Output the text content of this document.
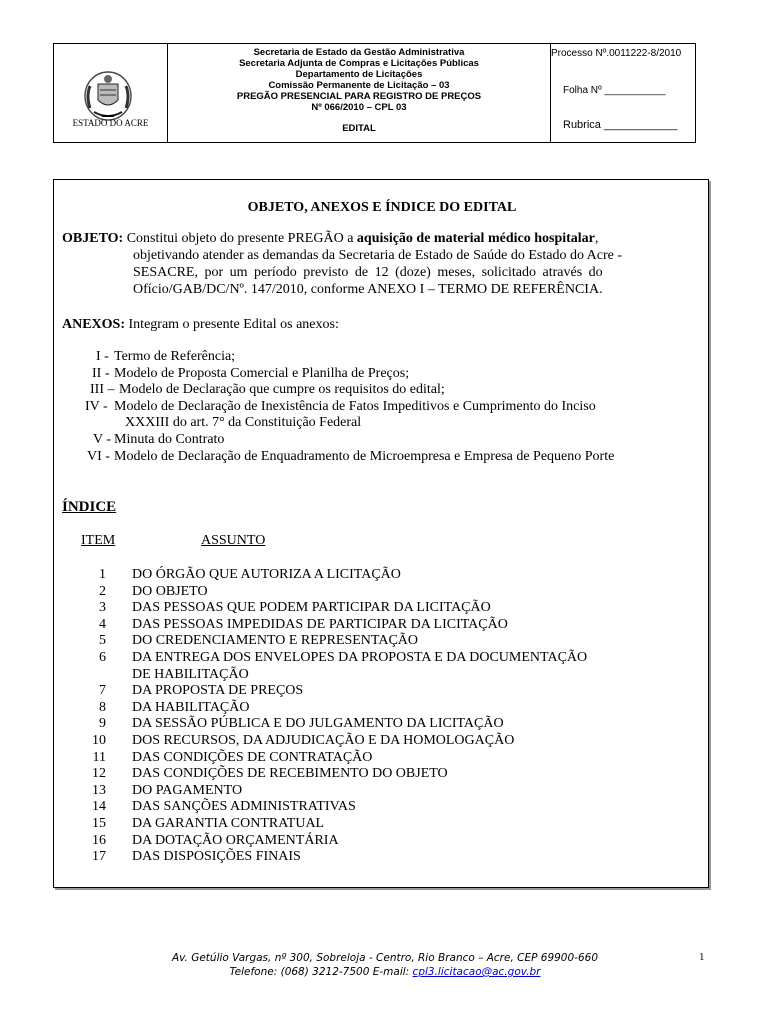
ESTADO DO ACRE
Secretaria de Estado da Gestão Administrativa
Secretaria Adjunta de Compras e Licitações Públicas
Departamento de Licitações
Comissão Permanente de Licitação – 03
PREGÃO PRESENCIAL PARA REGISTRO DE PREÇOS
Nº 066/2010 – CPL 03
EDITAL
Processo Nº.0011222-8/2010
Folha Nº ___________
Rubrica ____________
OBJETO, ANEXOS E ÍNDICE DO EDITAL
OBJETO: Constitui objeto do presente PREGÃO a aquisição de material médico hospitalar,
objetivando atender as demandas da Secretaria de Estado de Saúde do Estado do Acre -
SESACRE, por um período previsto de 12 (doze) meses, solicitado através do
Ofício/GAB/DC/Nº. 147/2010, conforme ANEXO I – TERMO DE REFERÊNCIA.
ANEXOS: Integram o presente Edital os anexos:
I - Termo de Referência;
II - Modelo de Proposta Comercial e Planilha de Preços;
III – Modelo de Declaração que cumpre os requisitos do edital;
IV - Modelo de Declaração de Inexistência de Fatos Impeditivos e Cumprimento do Inciso
XXXIII do art. 7° da Constituição Federal
V - Minuta do Contrato
VI - Modelo de Declaração de Enquadramento de Microempresa e Empresa de Pequeno Porte
ÍNDICE
ITEM	ASSUNTO
1 DO ÓRGÃO QUE AUTORIZA A LICITAÇÃO
2 DO OBJETO
3 DAS PESSOAS QUE PODEM PARTICIPAR DA LICITAÇÃO
4 DAS PESSOAS IMPEDIDAS DE PARTICIPAR DA LICITAÇÃO
5 DO CREDENCIAMENTO E REPRESENTAÇÃO
6 DA ENTREGA DOS ENVELOPES DA PROPOSTA E DA DOCUMENTAÇÃO
DE HABILITAÇÃO
7 DA PROPOSTA DE PREÇOS
8 DA HABILITAÇÃO
9 DA SESSÃO PÚBLICA E DO JULGAMENTO DA LICITAÇÃO
10 DOS RECURSOS, DA ADJUDICAÇÃO E DA HOMOLOGAÇÃO
11 DAS CONDIÇÕES DE CONTRATAÇÃO
12 DAS CONDIÇÕES DE RECEBIMENTO DO OBJETO
13 DO PAGAMENTO
14 DAS SANÇÕES ADMINISTRATIVAS
15 DA GARANTIA CONTRATUAL
16 DA DOTAÇÃO ORÇAMENTÁRIA
17 DAS DISPOSIÇÕES FINAIS
Av. Getúlio Vargas, nº 300, Sobreloja - Centro, Rio Branco – Acre, CEP 69900-660
Telefone: (068) 3212-7500 E-mail: cpl3.licitacao@ac.gov.br
1
